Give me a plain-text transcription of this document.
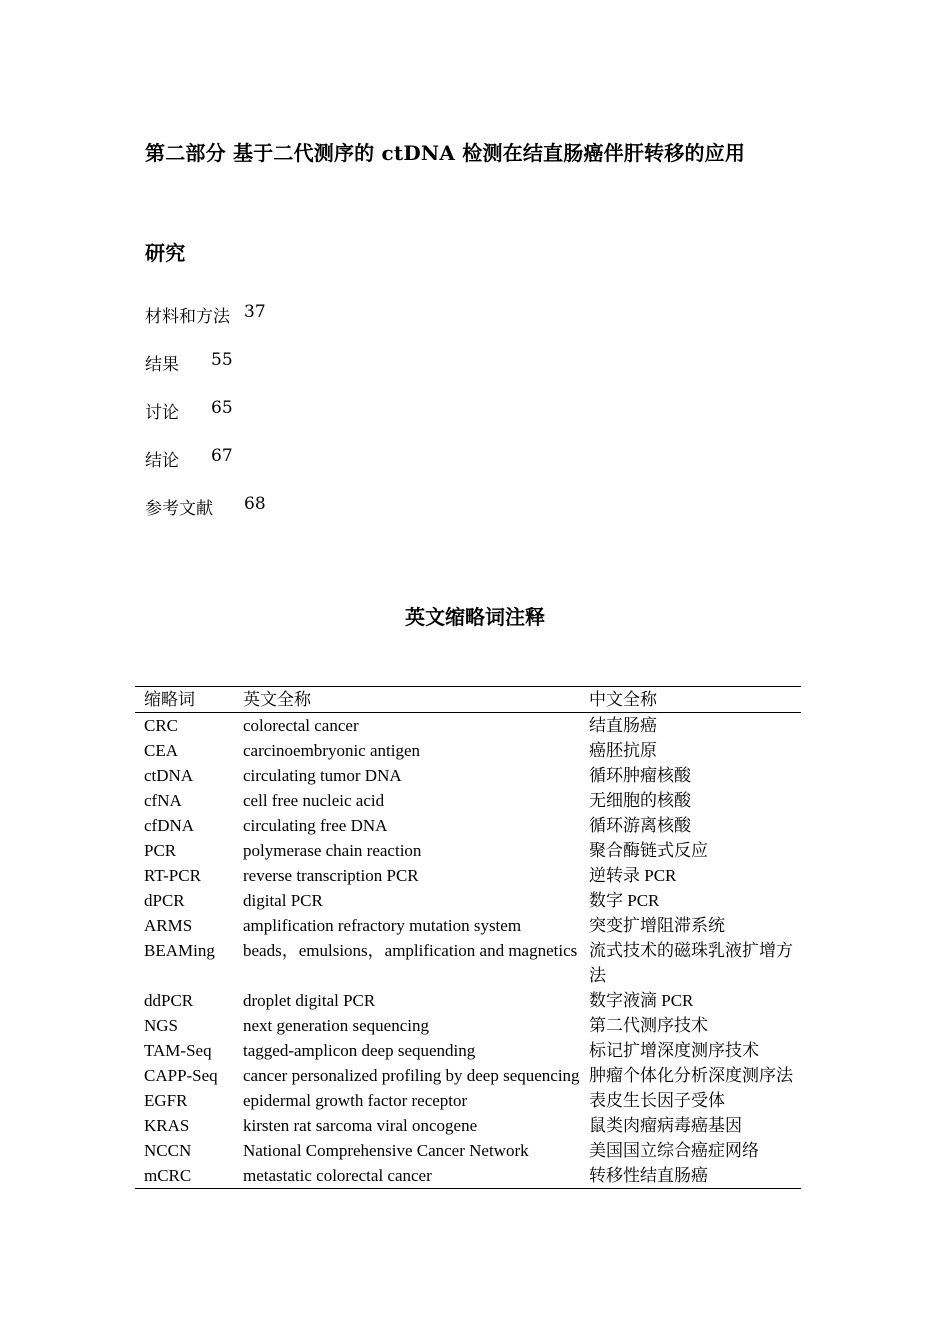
第二部分 基于二代测序的 ctDNA 检测在结直肠癌伴肝转移的应用
研究
材料和方法 37
结果 55
讨论 65
结论 67
参考文献 68
英文缩略词注释
缩略词	英文全称	中文全称
CRC	colorectal cancer	结直肠癌
CEA	carcinoembryonic antigen	癌胚抗原
ctDNA	circulating tumor DNA	循环肿瘤核酸
cfNA	cell free nucleic acid	无细胞的核酸
cfDNA	circulating free DNA	循环游离核酸
PCR	polymerase chain reaction	聚合酶链式反应
RT-PCR	reverse transcription PCR	逆转录 PCR
dPCR	digital PCR	数字 PCR
ARMS	amplification refractory mutation system	突变扩增阻滞系统
BEAMing	beads，emulsions，amplification and magnetics	流式技术的磁珠乳液扩增方法
ddPCR	droplet digital PCR	数字液滴 PCR
NGS	next generation sequencing	第二代测序技术
TAM-Seq	tagged-amplicon deep sequending	标记扩增深度测序技术
CAPP-Seq	cancer personalized profiling by deep sequencing	肿瘤个体化分析深度测序法
EGFR	epidermal growth factor receptor	表皮生长因子受体
KRAS	kirsten rat sarcoma viral oncogene	鼠类肉瘤病毒癌基因
NCCN	National Comprehensive Cancer Network	美国国立综合癌症网络
mCRC	metastatic colorectal cancer	转移性结直肠癌
